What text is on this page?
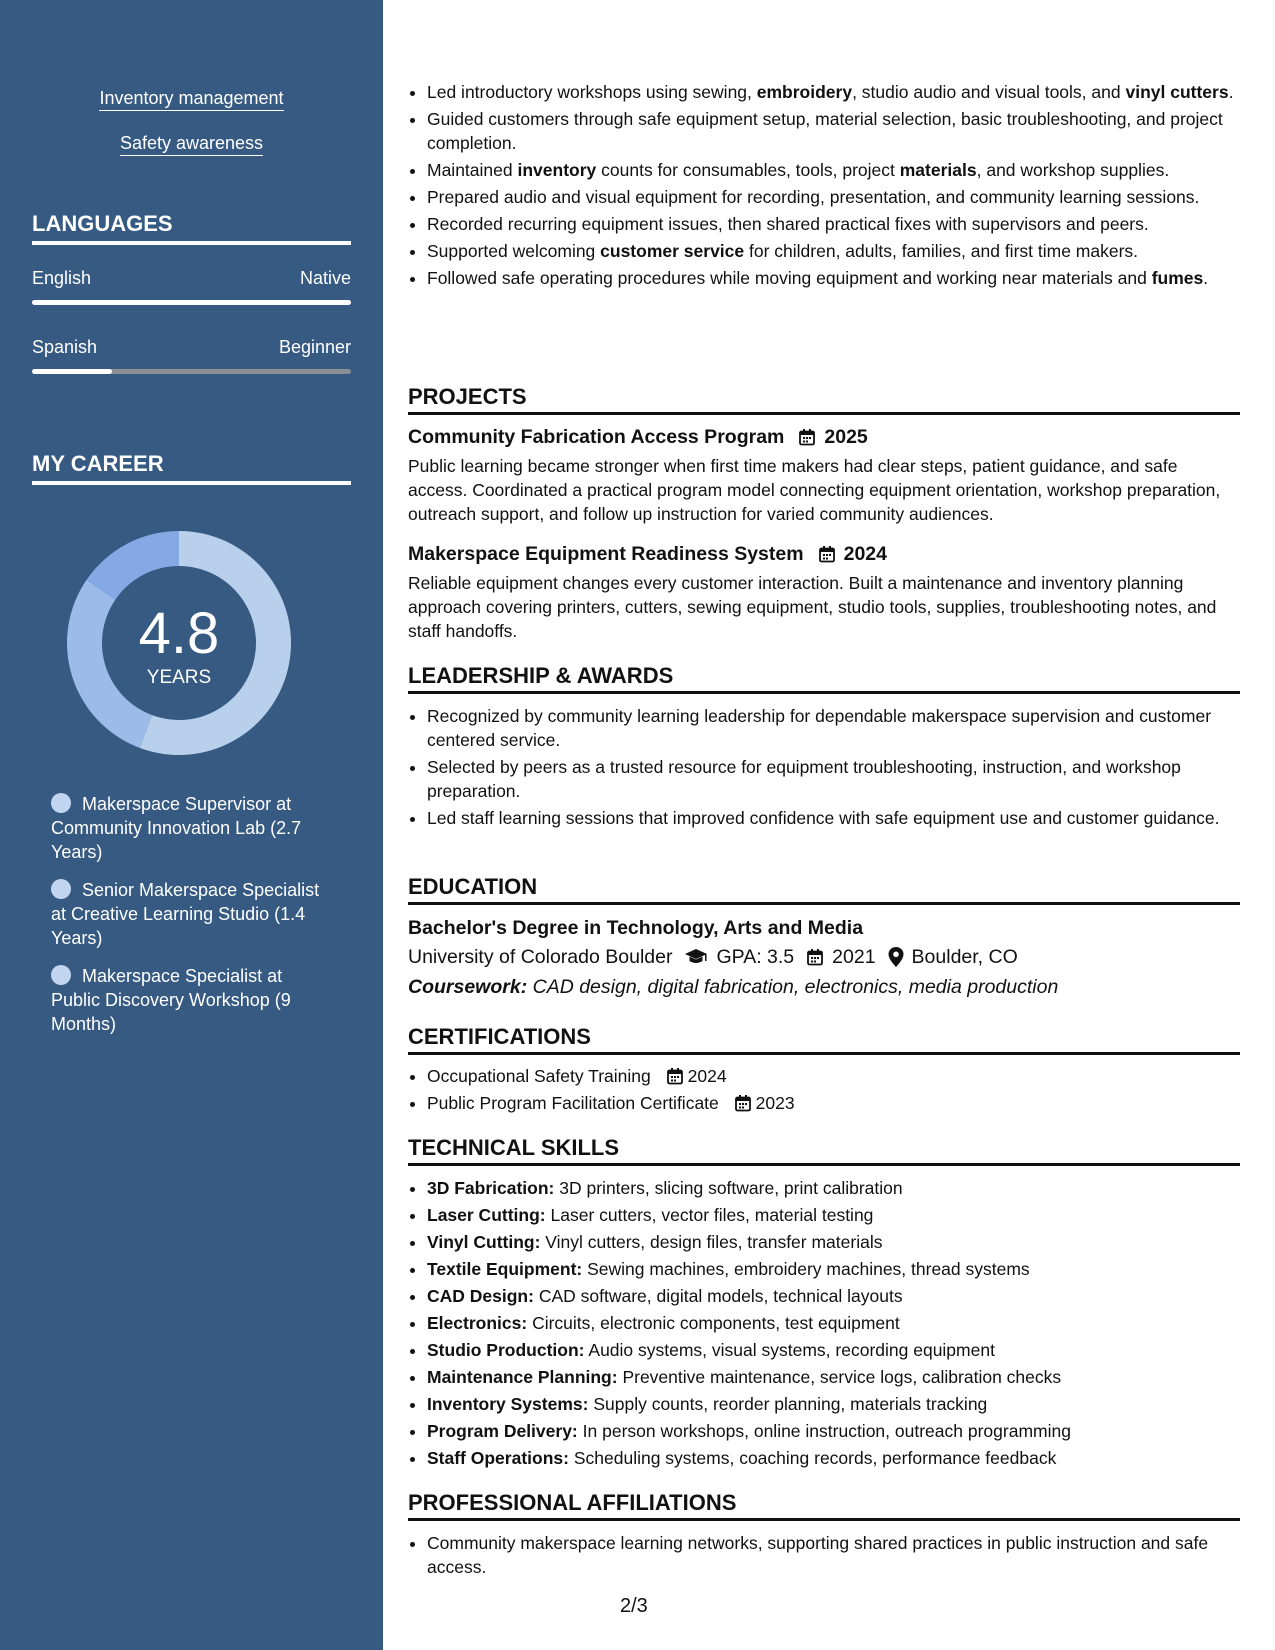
Inventory management
Safety awareness
LANGUAGES
English	Native
Spanish	Beginner
MY CAREER
4.8
YEARS
Makerspace Supervisor at Community Innovation Lab (2.7 Years)
Senior Makerspace Specialist at Creative Learning Studio (1.4 Years)
Makerspace Specialist at Public Discovery Workshop (9 Months)
• Led introductory workshops using sewing, embroidery, studio audio and visual tools, and vinyl cutters.
• Guided customers through safe equipment setup, material selection, basic troubleshooting, and project completion.
• Maintained inventory counts for consumables, tools, project materials, and workshop supplies.
• Prepared audio and visual equipment for recording, presentation, and community learning sessions.
• Recorded recurring equipment issues, then shared practical fixes with supervisors and peers.
• Supported welcoming customer service for children, adults, families, and first time makers.
• Followed safe operating procedures while moving equipment and working near materials and fumes.
PROJECTS
Community Fabrication Access Program 2025
Public learning became stronger when first time makers had clear steps, patient guidance, and safe access. Coordinated a practical program model connecting equipment orientation, workshop preparation, outreach support, and follow up instruction for varied community audiences.
Makerspace Equipment Readiness System 2024
Reliable equipment changes every customer interaction. Built a maintenance and inventory planning approach covering printers, cutters, sewing equipment, studio tools, supplies, troubleshooting notes, and staff handoffs.
LEADERSHIP & AWARDS
• Recognized by community learning leadership for dependable makerspace supervision and customer centered service.
• Selected by peers as a trusted resource for equipment troubleshooting, instruction, and workshop preparation.
• Led staff learning sessions that improved confidence with safe equipment use and customer guidance.
EDUCATION
Bachelor's Degree in Technology, Arts and Media
University of Colorado Boulder GPA: 3.5 2021 Boulder, CO
Coursework: CAD design, digital fabrication, electronics, media production
CERTIFICATIONS
• Occupational Safety Training 2024
• Public Program Facilitation Certificate 2023
TECHNICAL SKILLS
• 3D Fabrication: 3D printers, slicing software, print calibration
• Laser Cutting: Laser cutters, vector files, material testing
• Vinyl Cutting: Vinyl cutters, design files, transfer materials
• Textile Equipment: Sewing machines, embroidery machines, thread systems
• CAD Design: CAD software, digital models, technical layouts
• Electronics: Circuits, electronic components, test equipment
• Studio Production: Audio systems, visual systems, recording equipment
• Maintenance Planning: Preventive maintenance, service logs, calibration checks
• Inventory Systems: Supply counts, reorder planning, materials tracking
• Program Delivery: In person workshops, online instruction, outreach programming
• Staff Operations: Scheduling systems, coaching records, performance feedback
PROFESSIONAL AFFILIATIONS
• Community makerspace learning networks, supporting shared practices in public instruction and safe access.
2/3
